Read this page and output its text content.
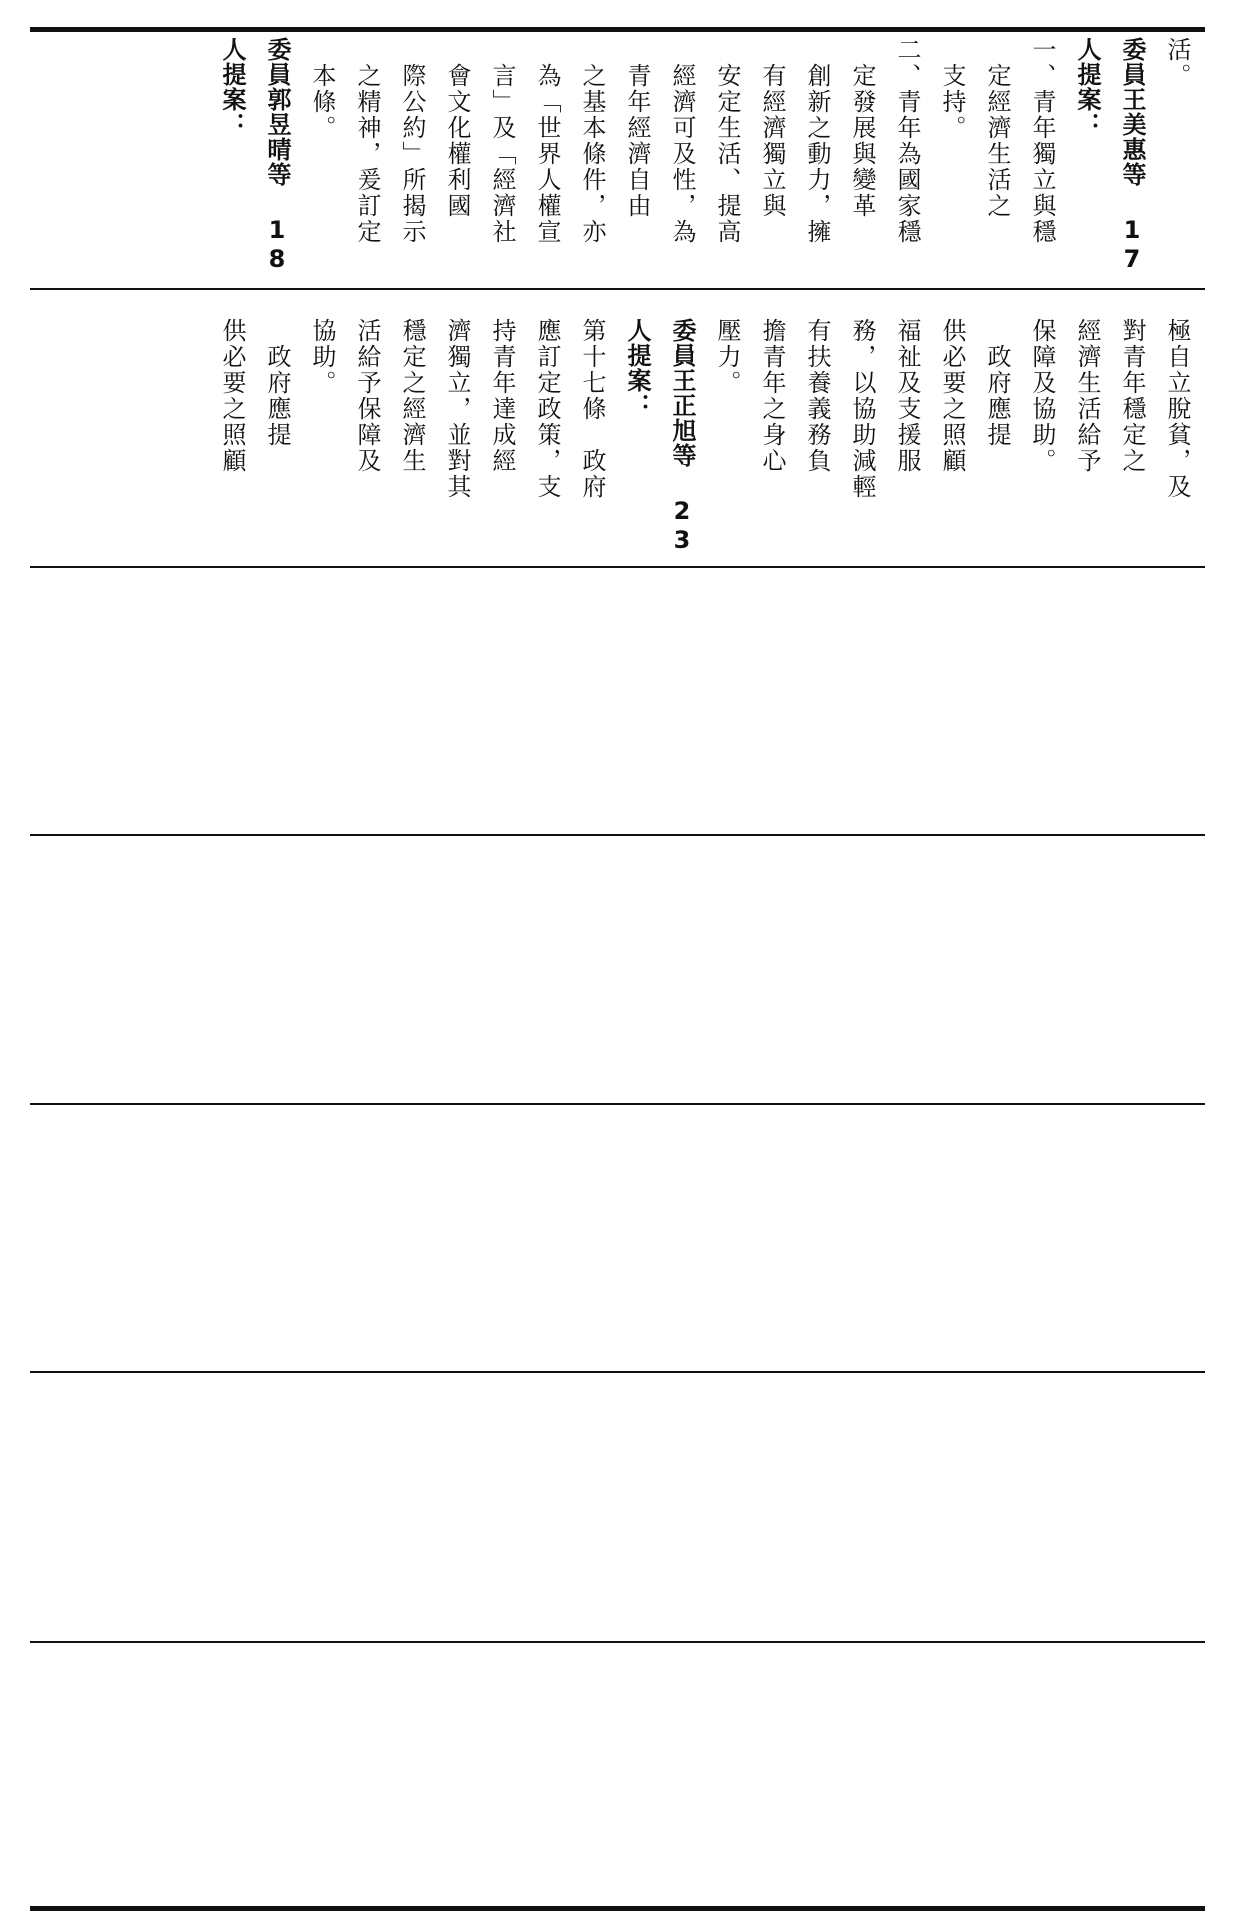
活。
委員王美惠等 17
人提案：
一、青年獨立與穩
　定經濟生活之
　支持。
二、青年為國家穩
　定發展與變革
　創新之動力，擁
　有經濟獨立與
　安定生活、提高
　經濟可及性，為
　青年經濟自由
　之基本條件，亦
　為「世界人權宣
　言」及「經濟社
　會文化權利國
　際公約」所揭示
　之精神，爰訂定
　本條。
委員郭昱晴等 18
人提案：
極自立脫貧，及
對青年穩定之
經濟生活給予
保障及協助。
　政府應提
供必要之照顧
福祉及支援服
務，以協助減輕
有扶養義務負
擔青年之身心
壓力。
委員王正旭等 23
人提案：
第十七條　政府
應訂定政策，支
持青年達成經
濟獨立，並對其
穩定之經濟生
活給予保障及
協助。
　政府應提
供必要之照顧
